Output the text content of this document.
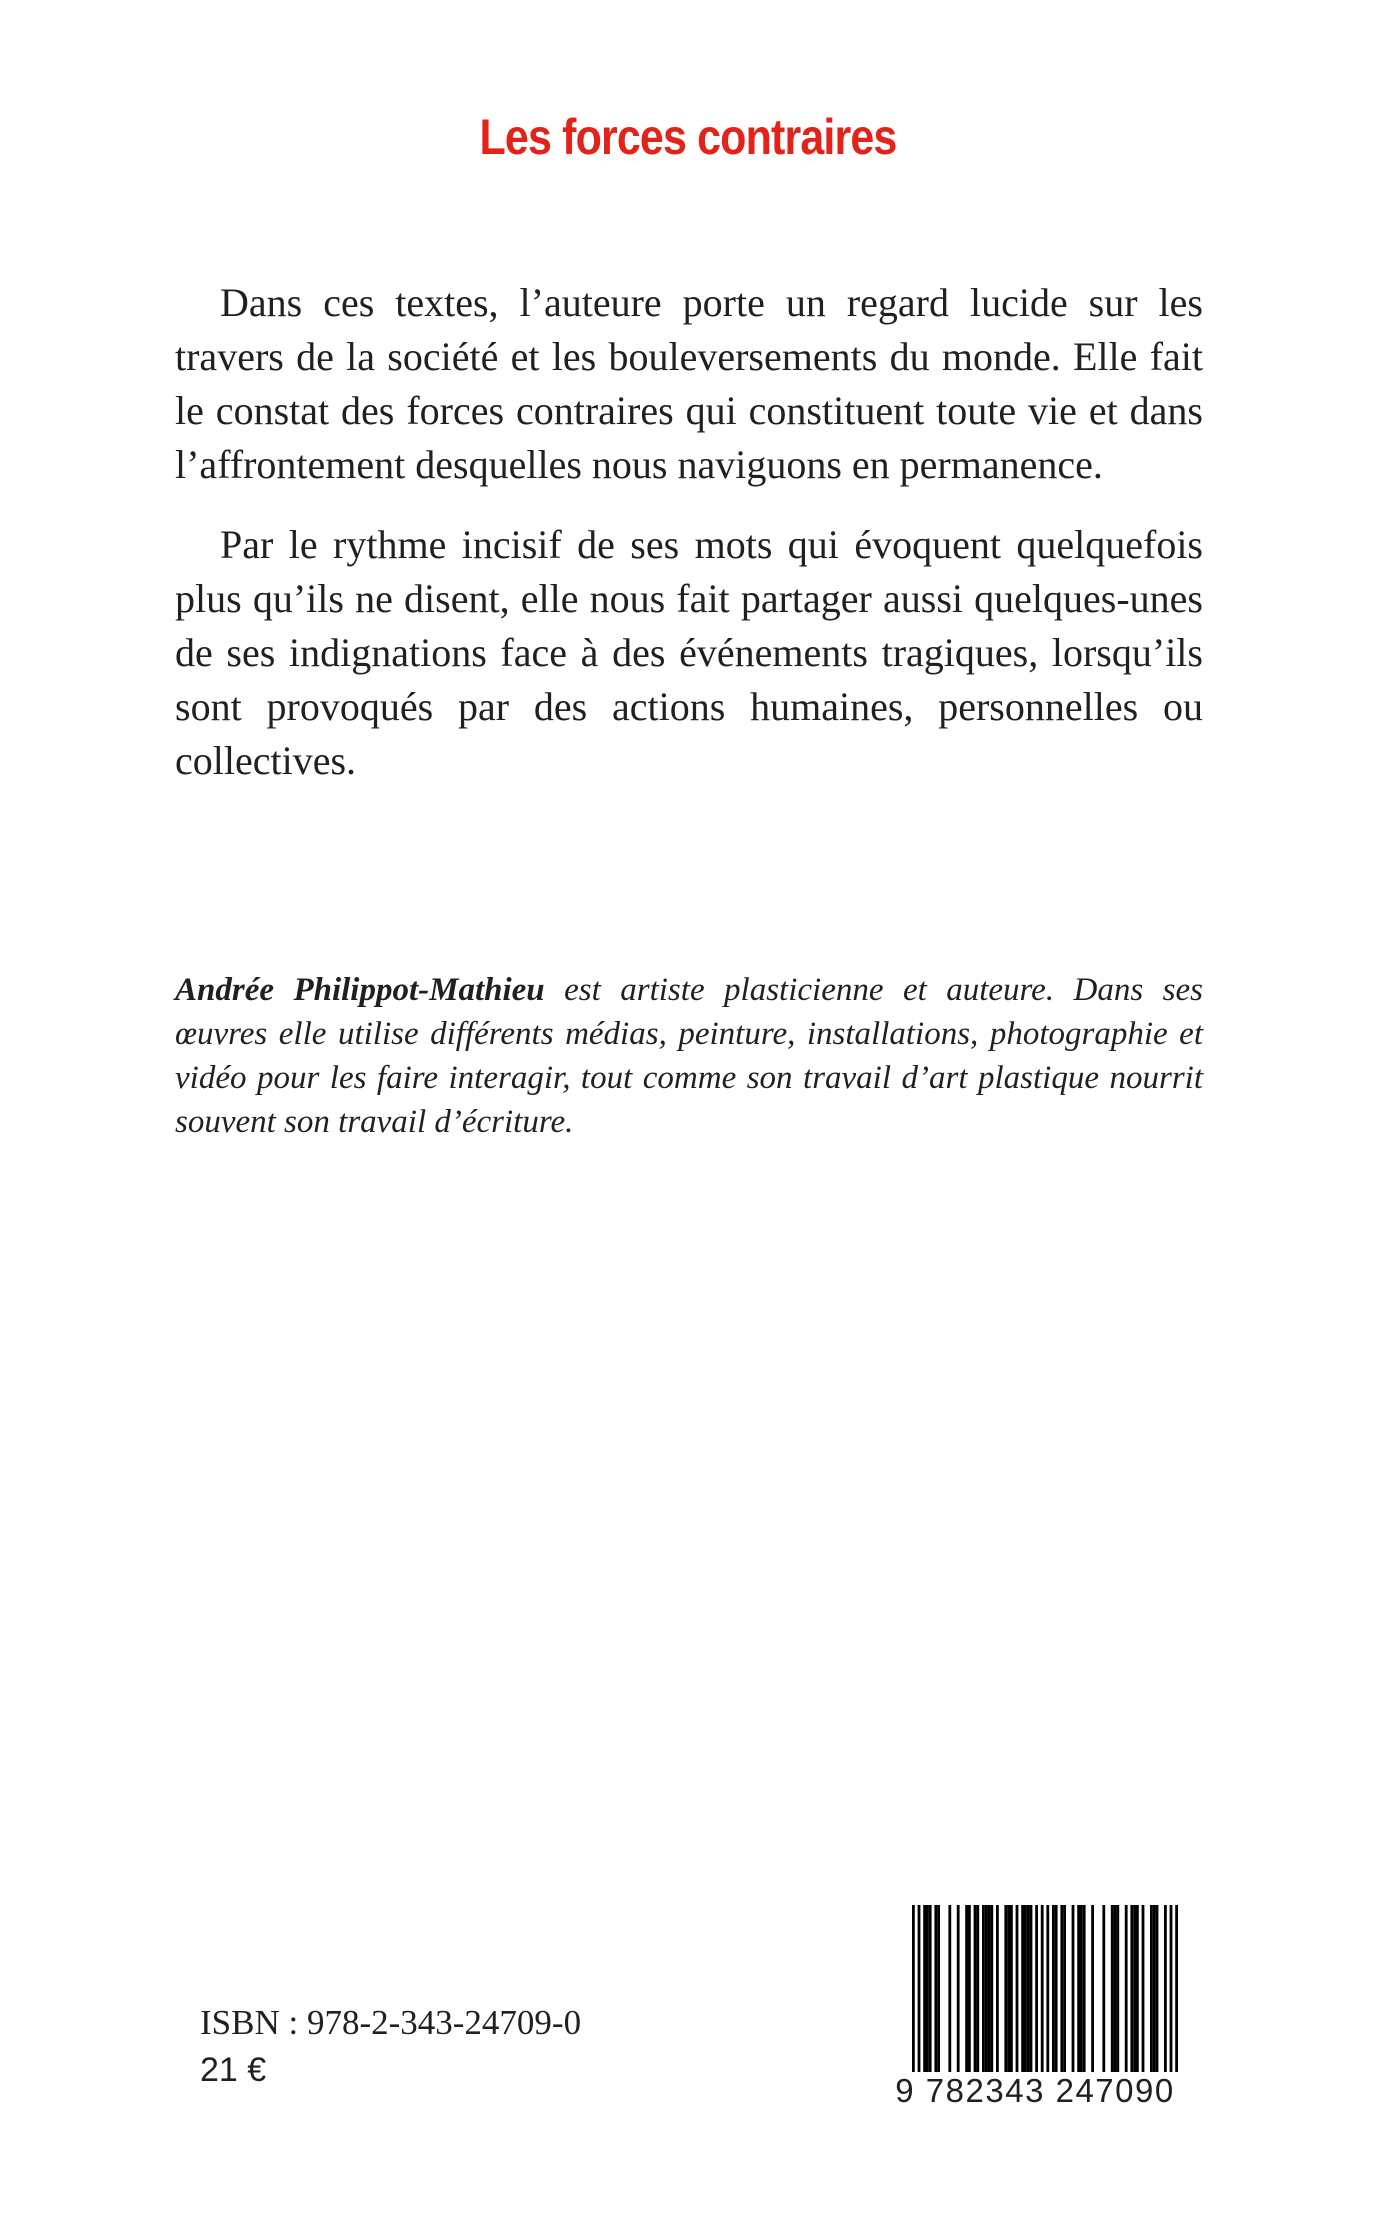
Les forces contraires

Dans ces textes, l’auteure porte un regard lucide sur les travers de la société et les bouleversements du monde. Elle fait le constat des forces contraires qui constituent toute vie et dans l’affrontement desquelles nous naviguons en permanence.

Par le rythme incisif de ses mots qui évoquent quelquefois plus qu’ils ne disent, elle nous fait partager aussi quelques-unes de ses indignations face à des événements tragiques, lorsqu’ils sont provoqués par des actions humaines, personnelles ou collectives.

Andrée Philippot-Mathieu est artiste plasticienne et auteure. Dans ses œuvres elle utilise différents médias, peinture, installations, photographie et vidéo pour les faire interagir, tout comme son travail d’art plastique nourrit souvent son travail d’écriture.

ISBN : 978-2-343-24709-0

21 €

9 782343 247090
